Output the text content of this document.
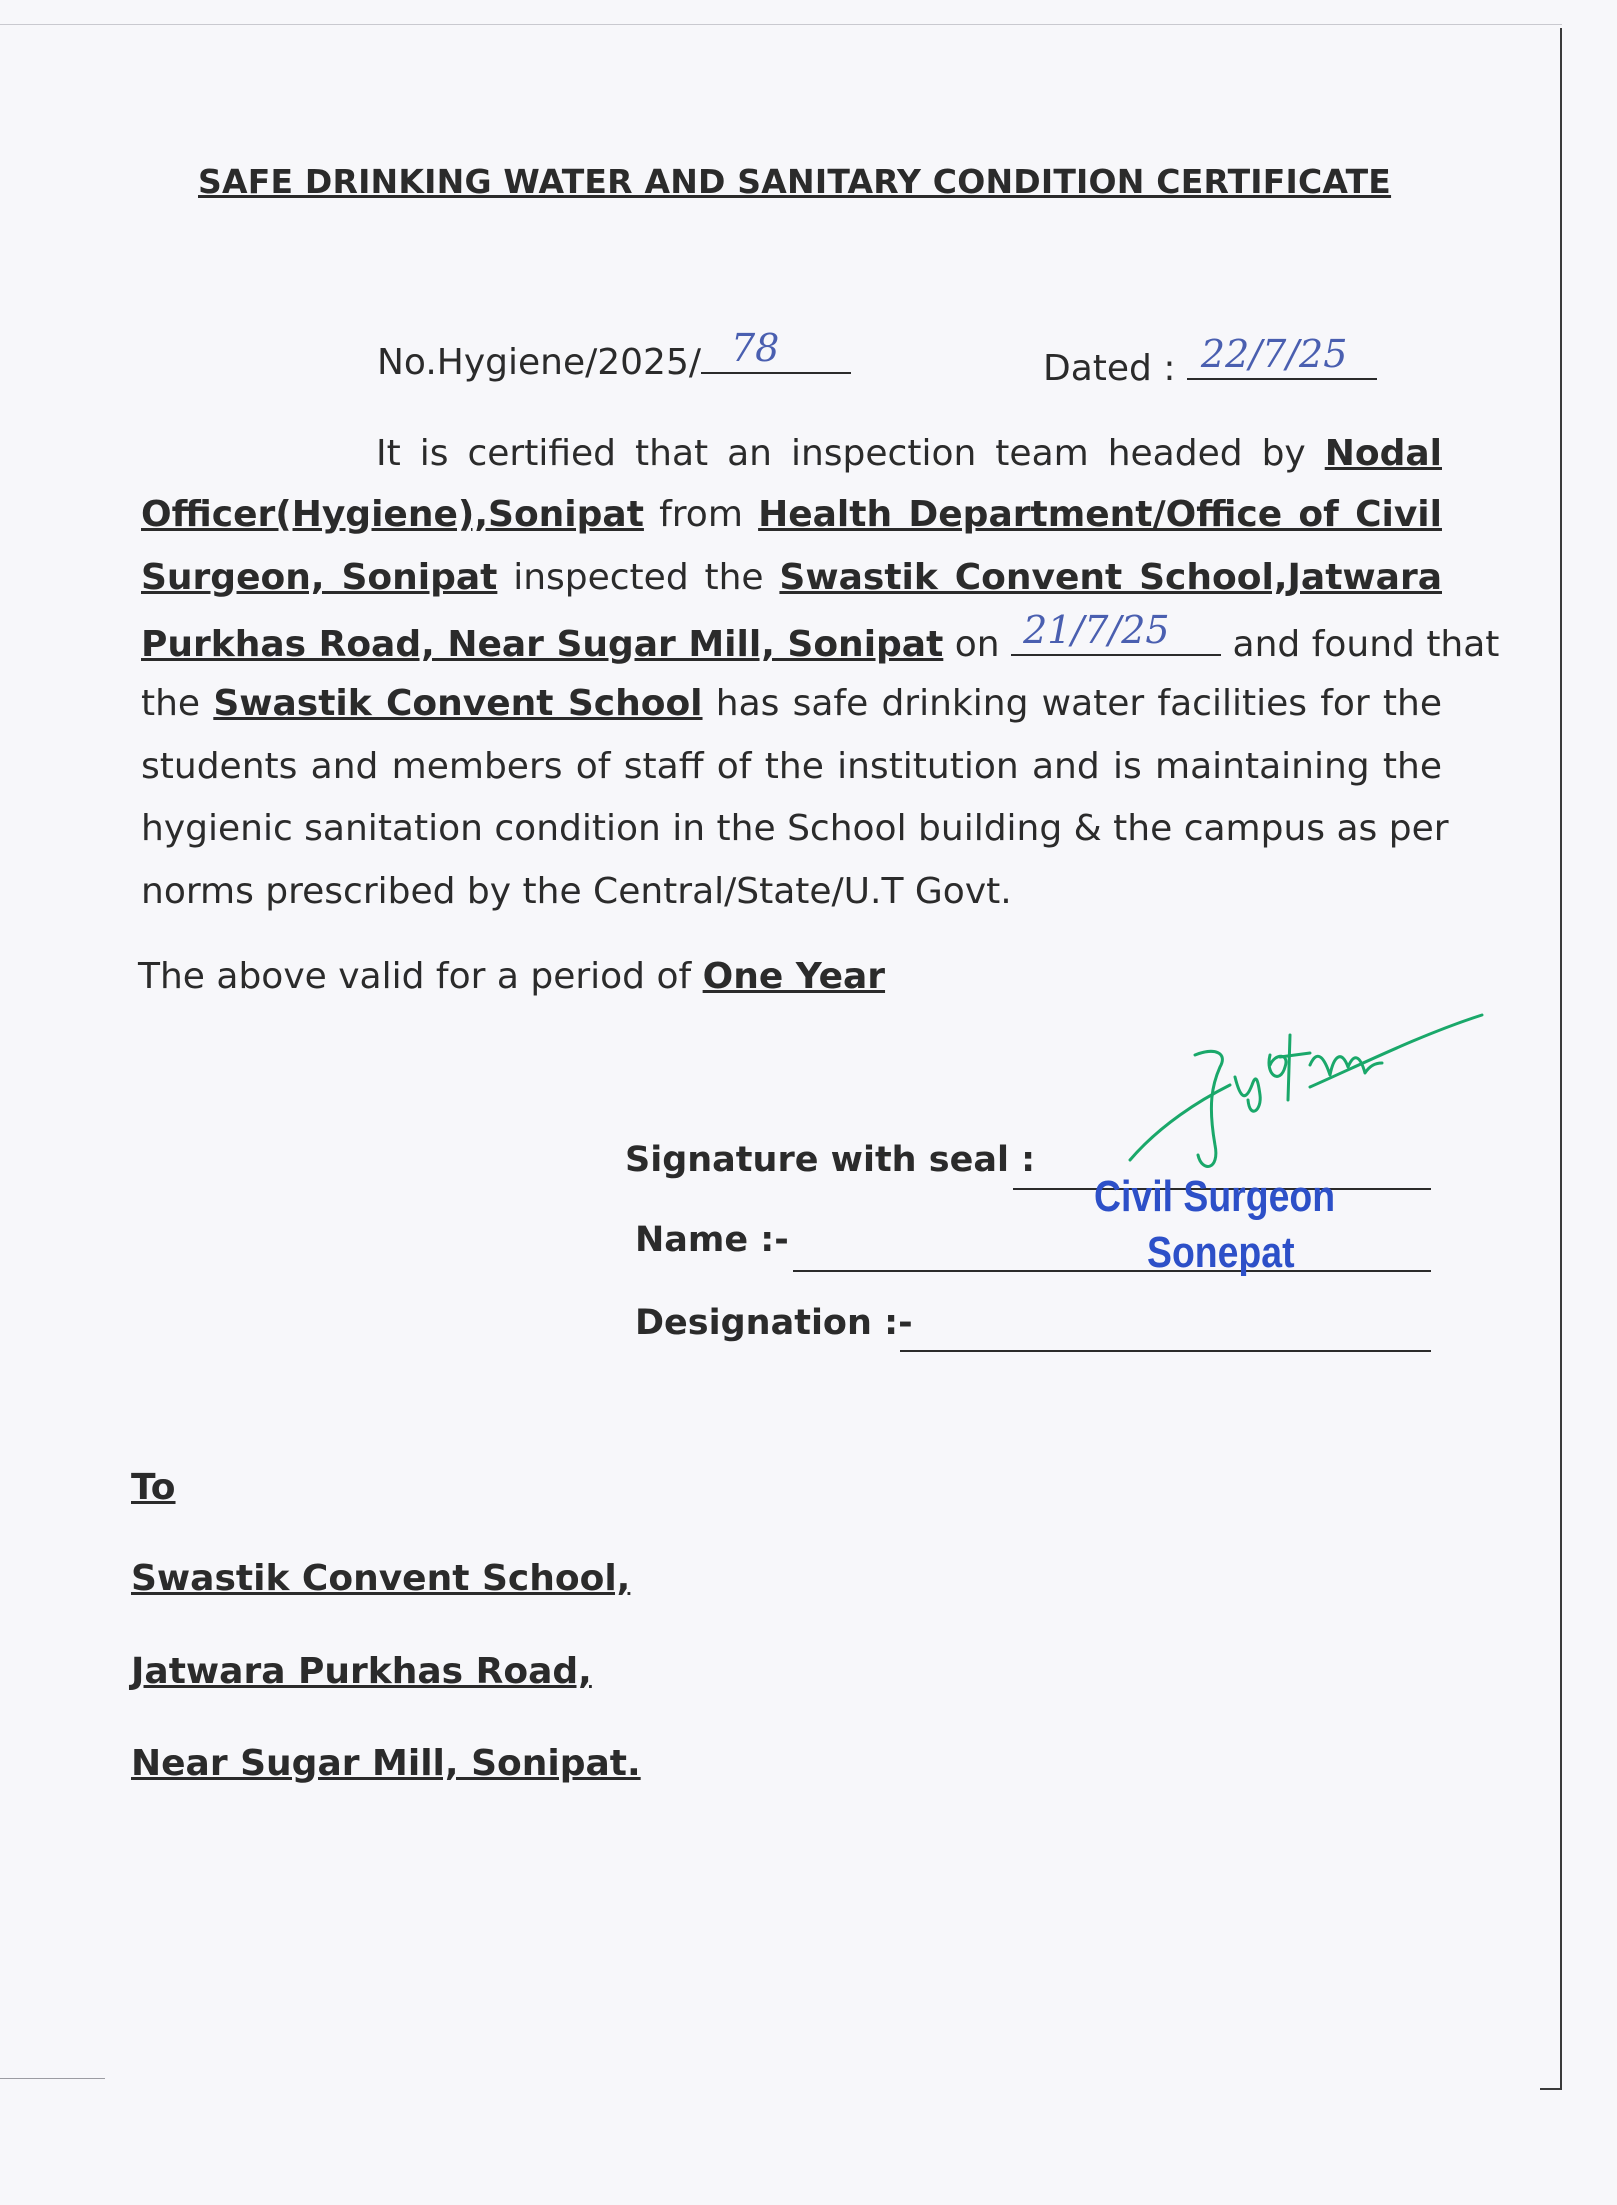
SAFE DRINKING WATER AND SANITARY CONDITION CERTIFICATE
No.Hygiene/2025/ 78	Dated : 22/7/25
It is certified that an inspection team headed by Nodal
Officer(Hygiene),Sonipat from Health Department/Office of Civil
Surgeon, Sonipat inspected the Swastik Convent School,Jatwara
Purkhas Road, Near Sugar Mill, Sonipat on 21/7/25 and found that
the Swastik Convent School has safe drinking water facilities for the
students and members of staff of the institution and is maintaining the
hygienic sanitation condition in the School building & the campus as per
norms prescribed by the Central/State/U.T Govt.
The above valid for a period of One Year
Signature with seal :
Name :-
Designation :-
Civil Surgeon
Sonepat
To
Swastik Convent School,
Jatwara Purkhas Road,
Near Sugar Mill, Sonipat.
